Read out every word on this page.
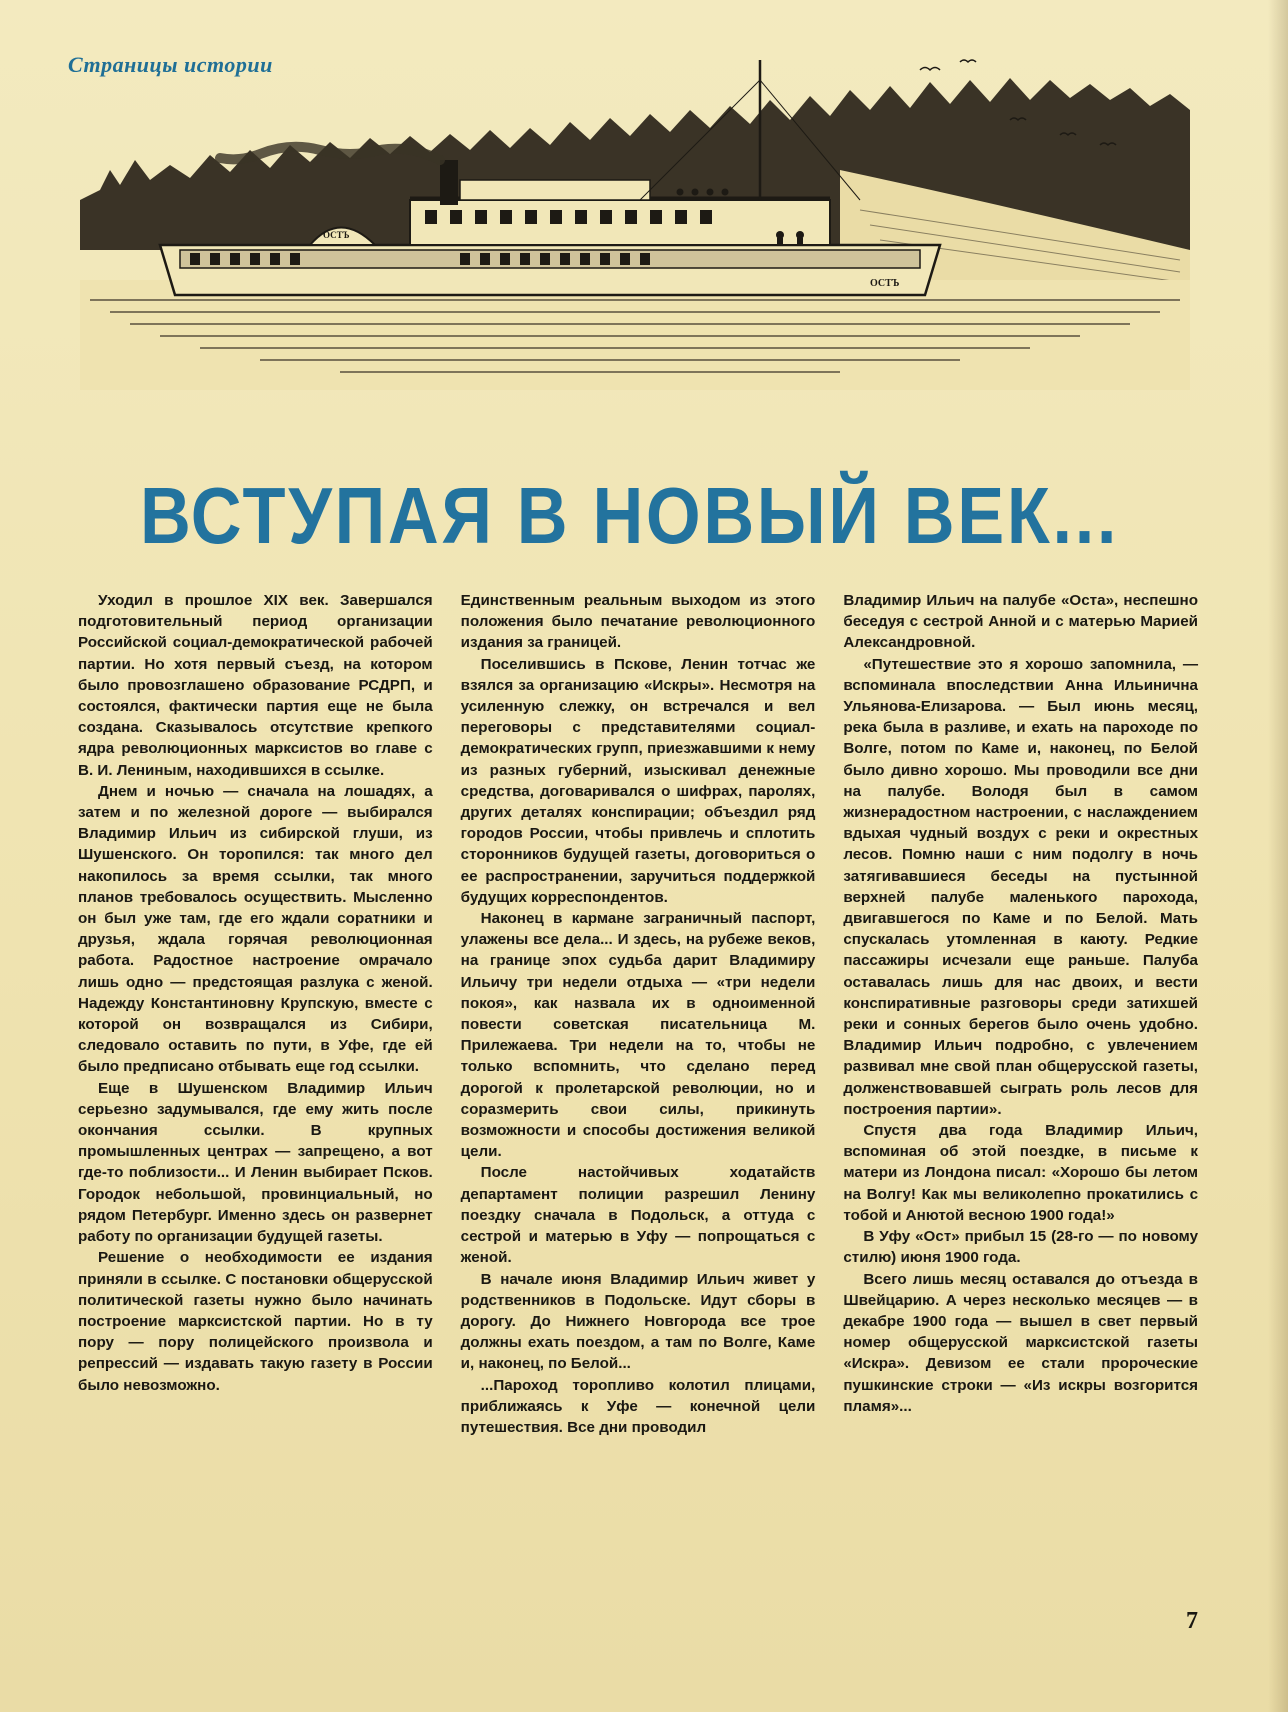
Страницы истории
ОСТЪ
ОСТЪ
ВСТУПАЯ В НОВЫЙ ВЕК...

Уходил в прошлое XIX век. Завершался подготовительный период организации Российской социал-демократической рабочей партии. Но хотя первый съезд, на котором было провозглашено образование РСДРП, и состоялся, фактически партия еще не была создана. Сказывалось отсутствие крепкого ядра революционных марксистов во главе с В. И. Лениным, находившихся в ссылке.

Днем и ночью — сначала на лошадях, а затем и по железной дороге — выбирался Владимир Ильич из сибирской глуши, из Шушенского. Он торопился: так много дел накопилось за время ссылки, так много планов требовалось осуществить. Мысленно он был уже там, где его ждали соратники и друзья, ждала горячая революционная работа. Радостное настроение омрачало лишь одно — предстоящая разлука с женой. Надежду Константиновну Крупскую, вместе с которой он возвращался из Сибири, следовало оставить по пути, в Уфе, где ей было предписано отбывать еще год ссылки.

Еще в Шушенском Владимир Ильич серьезно задумывался, где ему жить после окончания ссылки. В крупных промышленных центрах — запрещено, а вот где-то поблизости... И Ленин выбирает Псков. Городок небольшой, провинциальный, но рядом Петербург. Именно здесь он развернет работу по организации будущей газеты.

Решение о необходимости ее издания приняли в ссылке. С постановки общерусской политической газеты нужно было начинать построение марксистской партии. Но в ту пору — пору полицейского произвола и репрессий — издавать такую газету в России было невозможно.

Единственным реальным выходом из этого положения было печатание революционного издания за границей.

Поселившись в Пскове, Ленин тотчас же взялся за организацию «Искры». Несмотря на усиленную слежку, он встречался и вел переговоры с представителями социал-демократических групп, приезжавшими к нему из разных губерний, изыскивал денежные средства, договаривался о шифрах, паролях, других деталях конспирации; объездил ряд городов России, чтобы привлечь и сплотить сторонников будущей газеты, договориться о ее распространении, заручиться поддержкой будущих корреспондентов.

Наконец в кармане заграничный паспорт, улажены все дела... И здесь, на рубеже веков, на границе эпох судьба дарит Владимиру Ильичу три недели отдыха — «три недели покоя», как назвала их в одноименной повести советская писательница М. Прилежаева. Три недели на то, чтобы не только вспомнить, что сделано перед дорогой к пролетарской революции, но и соразмерить свои силы, прикинуть возможности и способы достижения великой цели.

После настойчивых ходатайств департамент полиции разрешил Ленину поездку сначала в Подольск, а оттуда с сестрой и матерью в Уфу — попрощаться с женой.

В начале июня Владимир Ильич живет у родственников в Подольске. Идут сборы в дорогу. До Нижнего Новгорода все трое должны ехать поездом, а там по Волге, Каме и, наконец, по Белой...

...Пароход торопливо колотил плицами, приближаясь к Уфе — конечной цели путешествия. Все дни проводил

Владимир Ильич на палубе «Оста», неспешно беседуя с сестрой Анной и с матерью Марией Александровной.

«Путешествие это я хорошо запомнила, — вспоминала впоследствии Анна Ильинична Ульянова-Елизарова. — Был июнь месяц, река была в разливе, и ехать на пароходе по Волге, потом по Каме и, наконец, по Белой было дивно хорошо. Мы проводили все дни на палубе. Володя был в самом жизнерадостном настроении, с наслаждением вдыхая чудный воздух с реки и окрестных лесов. Помню наши с ним подолгу в ночь затягивавшиеся беседы на пустынной верхней палубе маленького парохода, двигавшегося по Каме и по Белой. Мать спускалась утомленная в каюту. Редкие пассажиры исчезали еще раньше. Палуба оставалась лишь для нас двоих, и вести конспиративные разговоры среди затихшей реки и сонных берегов было очень удобно. Владимир Ильич подробно, с увлечением развивал мне свой план общерусской газеты, долженствовавшей сыграть роль лесов для построения партии».

Спустя два года Владимир Ильич, вспоминая об этой поездке, в письме к матери из Лондона писал: «Хорошо бы летом на Волгу! Как мы великолепно прокатились с тобой и Анютой весною 1900 года!»

В Уфу «Ост» прибыл 15 (28-го — по новому стилю) июня 1900 года.

Всего лишь месяц оставался до отъезда в Швейцарию. А через несколько месяцев — в декабре 1900 года — вышел в свет первый номер общерусской марксистской газеты «Искра». Девизом ее стали пророческие пушкинские строки — «Из искры возгорится пламя»...

7
